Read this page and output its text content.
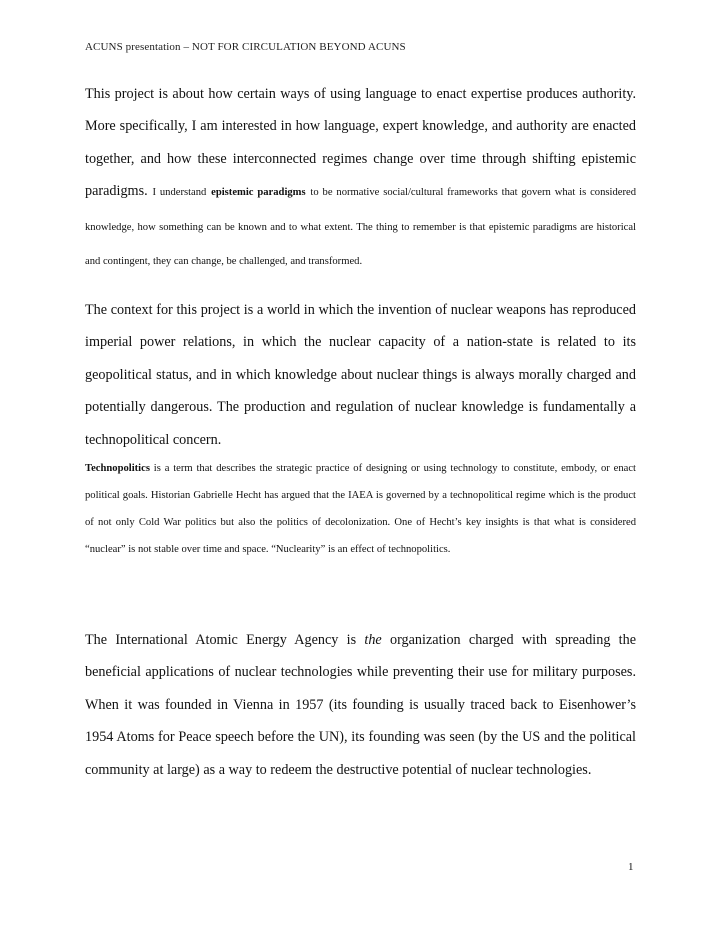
ACUNS presentation – NOT FOR CIRCULATION BEYOND ACUNS
This project is about how certain ways of using language to enact expertise produces authority. More specifically, I am interested in how language, expert knowledge, and authority are enacted together, and how these interconnected regimes change over time through shifting epistemic paradigms. I understand epistemic paradigms to be normative social/cultural frameworks that govern what is considered knowledge, how something can be known and to what extent. The thing to remember is that epistemic paradigms are historical and contingent, they can change, be challenged, and transformed.
The context for this project is a world in which the invention of nuclear weapons has reproduced imperial power relations, in which the nuclear capacity of a nation-state is related to its geopolitical status, and in which knowledge about nuclear things is always morally charged and potentially dangerous. The production and regulation of nuclear knowledge is fundamentally a technopolitical concern.
Technopolitics is a term that describes the strategic practice of designing or using technology to constitute, embody, or enact political goals. Historian Gabrielle Hecht has argued that the IAEA is governed by a technopolitical regime which is the product of not only Cold War politics but also the politics of decolonization. One of Hecht’s key insights is that what is considered “nuclear” is not stable over time and space. “Nuclearity” is an effect of technopolitics.
The International Atomic Energy Agency is the organization charged with spreading the beneficial applications of nuclear technologies while preventing their use for military purposes. When it was founded in Vienna in 1957 (its founding is usually traced back to Eisenhower’s 1954 Atoms for Peace speech before the UN), its founding was seen (by the US and the political community at large) as a way to redeem the destructive potential of nuclear technologies.
1
